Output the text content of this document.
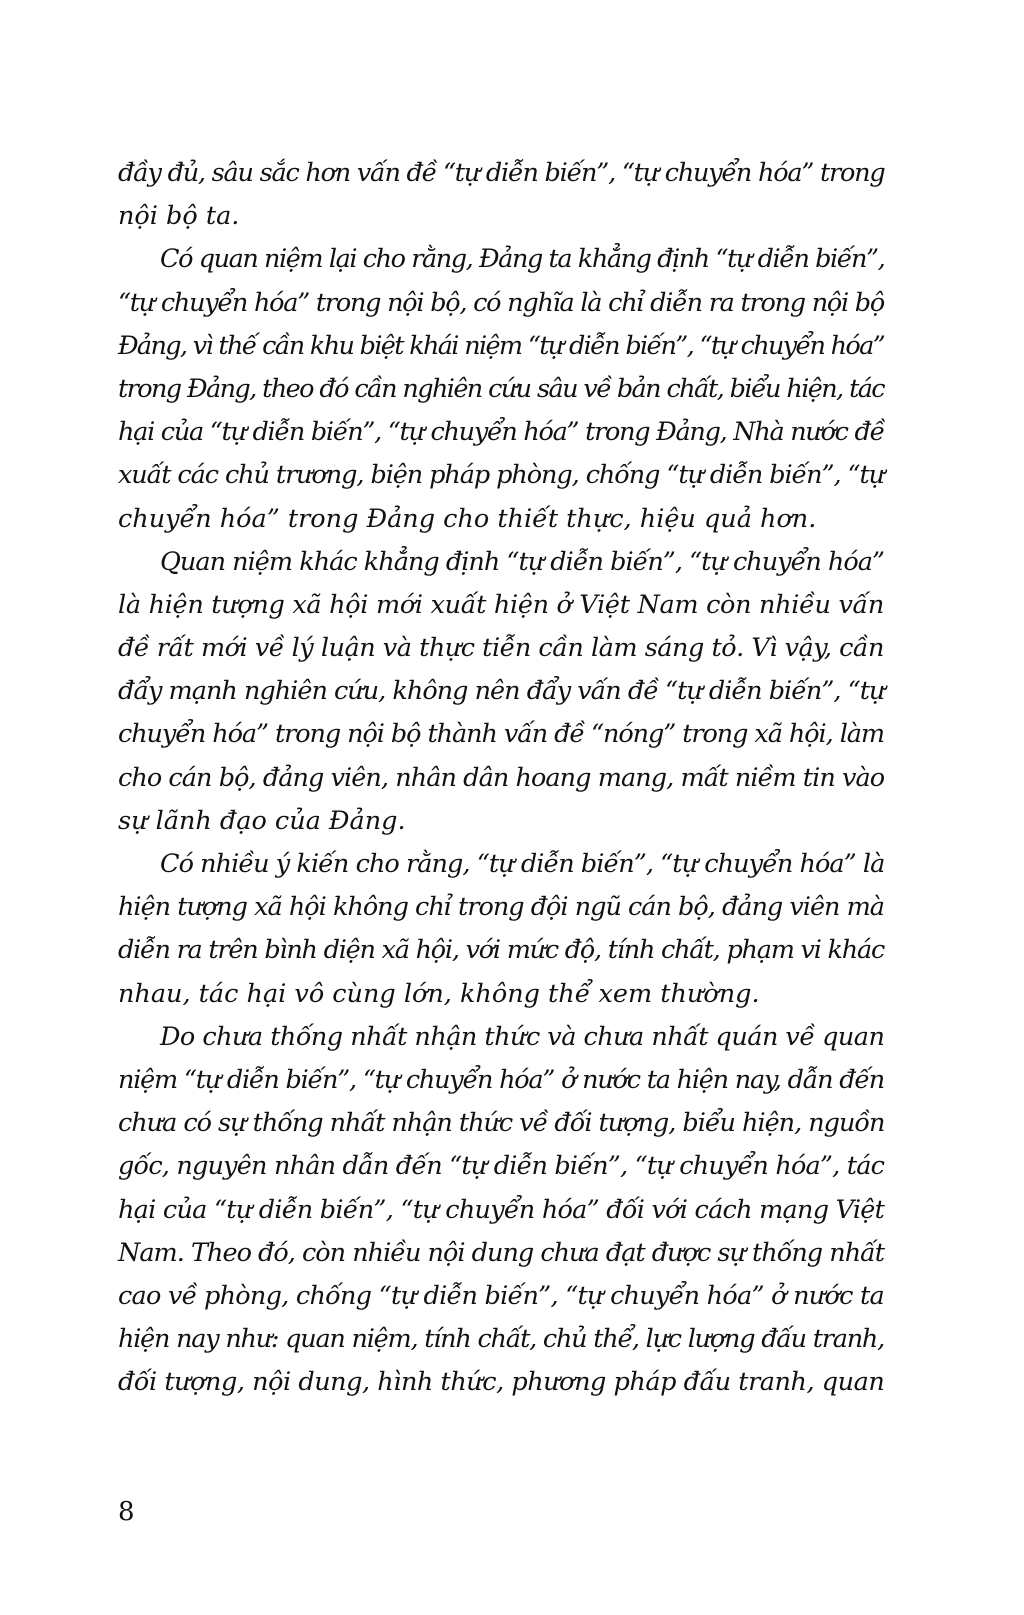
đầy đủ, sâu sắc hơn vấn đề “tự diễn biến”, “tự chuyển hóa” trong
nội bộ ta.
Có quan niệm lại cho rằng, Đảng ta khẳng định “tự diễn biến”,
“tự chuyển hóa” trong nội bộ, có nghĩa là chỉ diễn ra trong nội bộ
Đảng, vì thế cần khu biệt khái niệm “tự diễn biến”, “tự chuyển hóa”
trong Đảng, theo đó cần nghiên cứu sâu về bản chất, biểu hiện, tác
hại của “tự diễn biến”, “tự chuyển hóa” trong Đảng, Nhà nước đề
xuất các chủ trương, biện pháp phòng, chống “tự diễn biến”, “tự
chuyển hóa” trong Đảng cho thiết thực, hiệu quả hơn.
Quan niệm khác khẳng định “tự diễn biến”, “tự chuyển hóa”
là hiện tượng xã hội mới xuất hiện ở Việt Nam còn nhiều vấn
đề rất mới về lý luận và thực tiễn cần làm sáng tỏ. Vì vậy, cần
đẩy mạnh nghiên cứu, không nên đẩy vấn đề “tự diễn biến”, “tự
chuyển hóa” trong nội bộ thành vấn đề “nóng” trong xã hội, làm
cho cán bộ, đảng viên, nhân dân hoang mang, mất niềm tin vào
sự lãnh đạo của Đảng.
Có nhiều ý kiến cho rằng, “tự diễn biến”, “tự chuyển hóa” là
hiện tượng xã hội không chỉ trong đội ngũ cán bộ, đảng viên mà
diễn ra trên bình diện xã hội, với mức độ, tính chất, phạm vi khác
nhau, tác hại vô cùng lớn, không thể xem thường.
Do chưa thống nhất nhận thức và chưa nhất quán về quan
niệm “tự diễn biến”, “tự chuyển hóa” ở nước ta hiện nay, dẫn đến
chưa có sự thống nhất nhận thức về đối tượng, biểu hiện, nguồn
gốc, nguyên nhân dẫn đến “tự diễn biến”, “tự chuyển hóa”, tác
hại của “tự diễn biến”, “tự chuyển hóa” đối với cách mạng Việt
Nam. Theo đó, còn nhiều nội dung chưa đạt được sự thống nhất
cao về phòng, chống “tự diễn biến”, “tự chuyển hóa” ở nước ta
hiện nay như: quan niệm, tính chất, chủ thể, lực lượng đấu tranh,
đối tượng, nội dung, hình thức, phương pháp đấu tranh, quan
8
